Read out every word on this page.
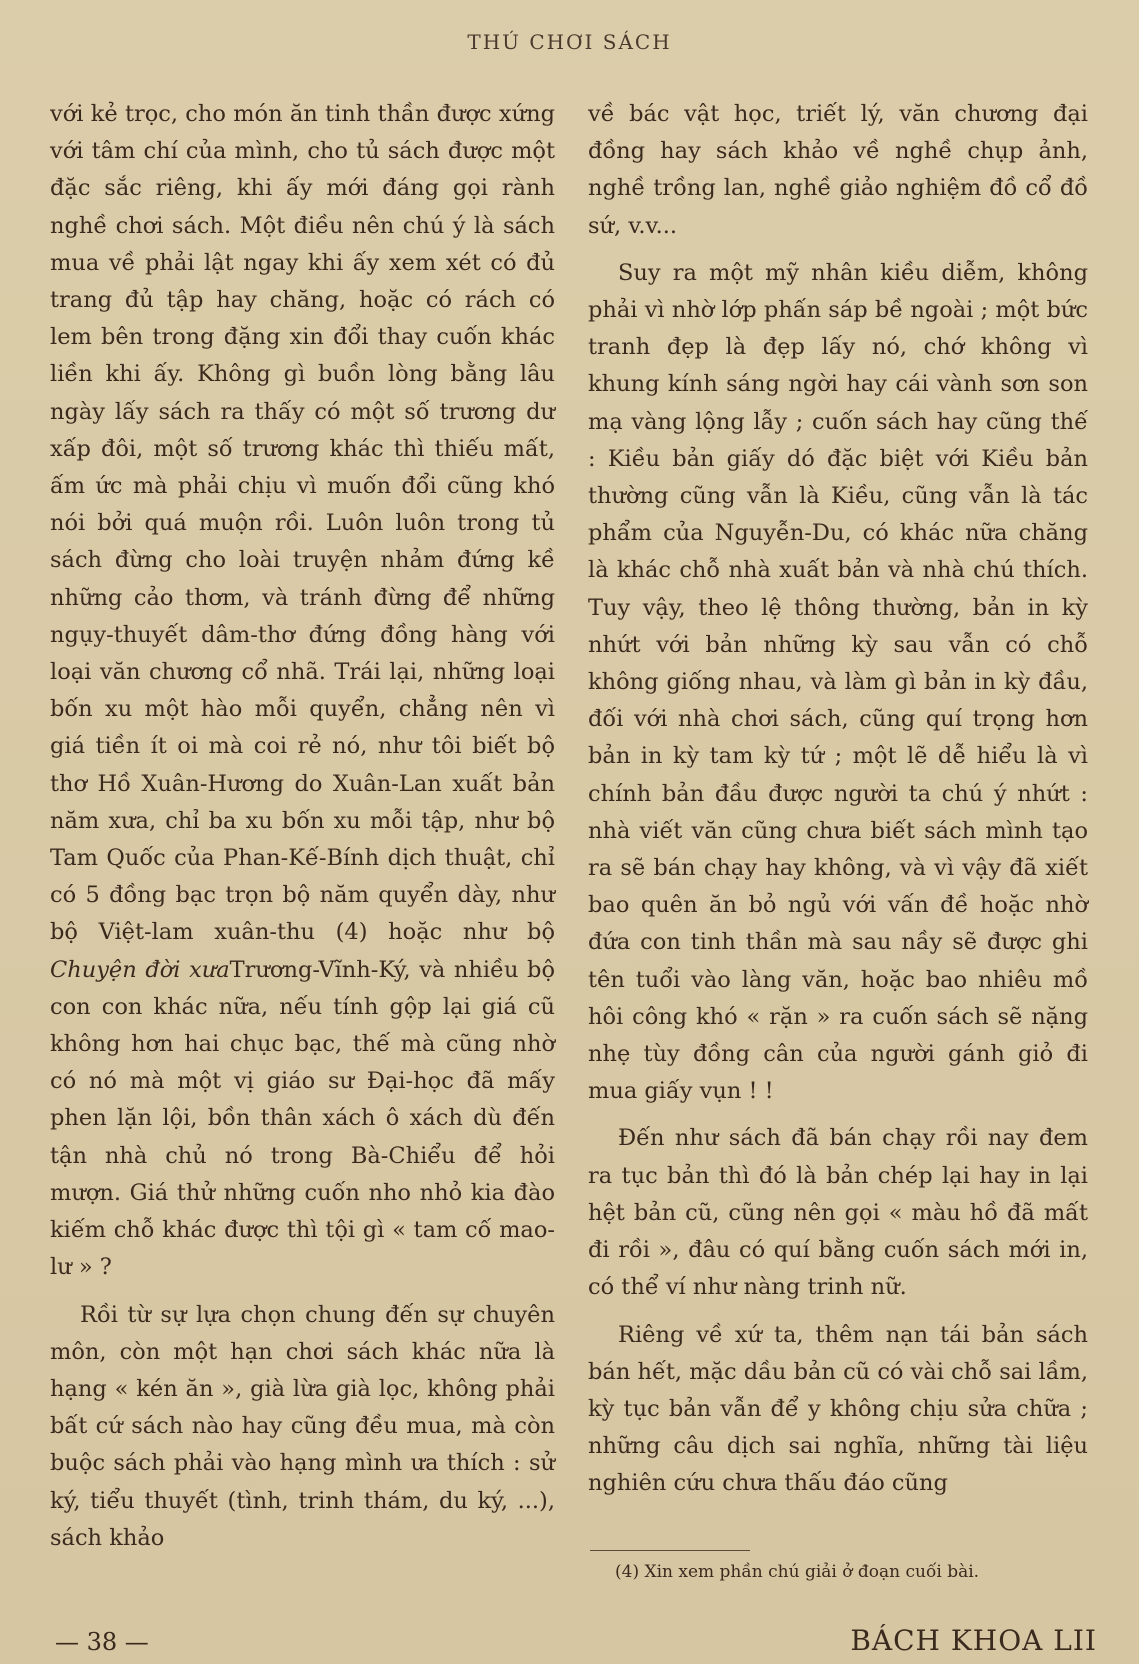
THÚ CHƠI SÁCH

với kẻ trọc, cho món ăn tinh thần được xứng với tâm chí của mình, cho tủ sách được một đặc sắc riêng, khi ấy mới đáng gọi rành nghề chơi sách. Một điều nên chú ý là sách mua về phải lật ngay khi ấy xem xét có đủ trang đủ tập hay chăng, hoặc có rách có lem bên trong đặng xin đổi thay cuốn khác liền khi ấy. Không gì buồn lòng bằng lâu ngày lấy sách ra thấy có một số trương dư xấp đôi, một số trương khác thì thiếu mất, ấm ức mà phải chịu vì muốn đổi cũng khó nói bởi quá muộn rồi. Luôn luôn trong tủ sách đừng cho loài truyện nhảm đứng kề những cảo thơm, và tránh đừng để những ngụy-thuyết dâm-thơ đứng đồng hàng với loại văn chương cổ nhã. Trái lại, những loại bốn xu một hào mỗi quyển, chẳng nên vì giá tiền ít oi mà coi rẻ nó, như tôi biết bộ thơ Hồ Xuân-Hương do Xuân-Lan xuất bản năm xưa, chỉ ba xu bốn xu mỗi tập, như bộ Tam Quốc của Phan-Kế-Bính dịch thuật, chỉ có 5 đồng bạc trọn bộ năm quyển dày, như bộ Việt-lam xuân-thu (4) hoặc như bộ Chuyện đời xưaTrương-Vĩnh-Ký, và nhiều bộ con con khác nữa, nếu tính gộp lại giá cũ không hơn hai chục bạc, thế mà cũng nhờ có nó mà một vị giáo sư Đại-học đã mấy phen lặn lội, bồn thân xách ô xách dù đến tận nhà chủ nó trong Bà-Chiểu để hỏi mượn. Giá thử những cuốn nho nhỏ kia đào kiếm chỗ khác được thì tội gì « tam cố mao-lư » ?

Rồi từ sự lựa chọn chung đến sự chuyên môn, còn một hạn chơi sách khác nữa là hạng « kén ăn », già lừa già lọc, không phải bất cứ sách nào hay cũng đều mua, mà còn buộc sách phải vào hạng mình ưa thích : sử ký, tiểu thuyết (tình, trinh thám, du ký, ...), sách khảo

về bác vật học, triết lý, văn chương đại đồng hay sách khảo về nghề chụp ảnh, nghề trồng lan, nghề giảo nghiệm đồ cổ đồ sứ, v.v...

Suy ra một mỹ nhân kiều diễm, không phải vì nhờ lớp phấn sáp bề ngoài ; một bức tranh đẹp là đẹp lấy nó, chớ không vì khung kính sáng ngời hay cái vành sơn son mạ vàng lộng lẫy ; cuốn sách hay cũng thế : Kiều bản giấy dó đặc biệt với Kiều bản thường cũng vẫn là Kiều, cũng vẫn là tác phẩm của Nguyễn-Du, có khác nữa chăng là khác chỗ nhà xuất bản và nhà chú thích. Tuy vậy, theo lệ thông thường, bản in kỳ nhứt với bản những kỳ sau vẫn có chỗ không giống nhau, và làm gì bản in kỳ đầu, đối với nhà chơi sách, cũng quí trọng hơn bản in kỳ tam kỳ tứ ; một lẽ dễ hiểu là vì chính bản đầu được người ta chú ý nhứt : nhà viết văn cũng chưa biết sách mình tạo ra sẽ bán chạy hay không, và vì vậy đã xiết bao quên ăn bỏ ngủ với vấn đề hoặc nhờ đứa con tinh thần mà sau nầy sẽ được ghi tên tuổi vào làng văn, hoặc bao nhiêu mồ hôi công khó « rặn » ra cuốn sách sẽ nặng nhẹ tùy đồng cân của người gánh giỏ đi mua giấy vụn ! !

Đến như sách đã bán chạy rồi nay đem ra tục bản thì đó là bản chép lại hay in lại hệt bản cũ, cũng nên gọi « màu hồ đã mất đi rồi », đâu có quí bằng cuốn sách mới in, có thể ví như nàng trinh nữ.

Riêng về xứ ta, thêm nạn tái bản sách bán hết, mặc dầu bản cũ có vài chỗ sai lầm, kỳ tục bản vẫn để y không chịu sửa chữa ; những câu dịch sai nghĩa, những tài liệu nghiên cứu chưa thấu đáo cũng

(4) Xin xem phần chú giải ở đoạn cuối bài.
— 38 —	BÁCH KHOA LII
